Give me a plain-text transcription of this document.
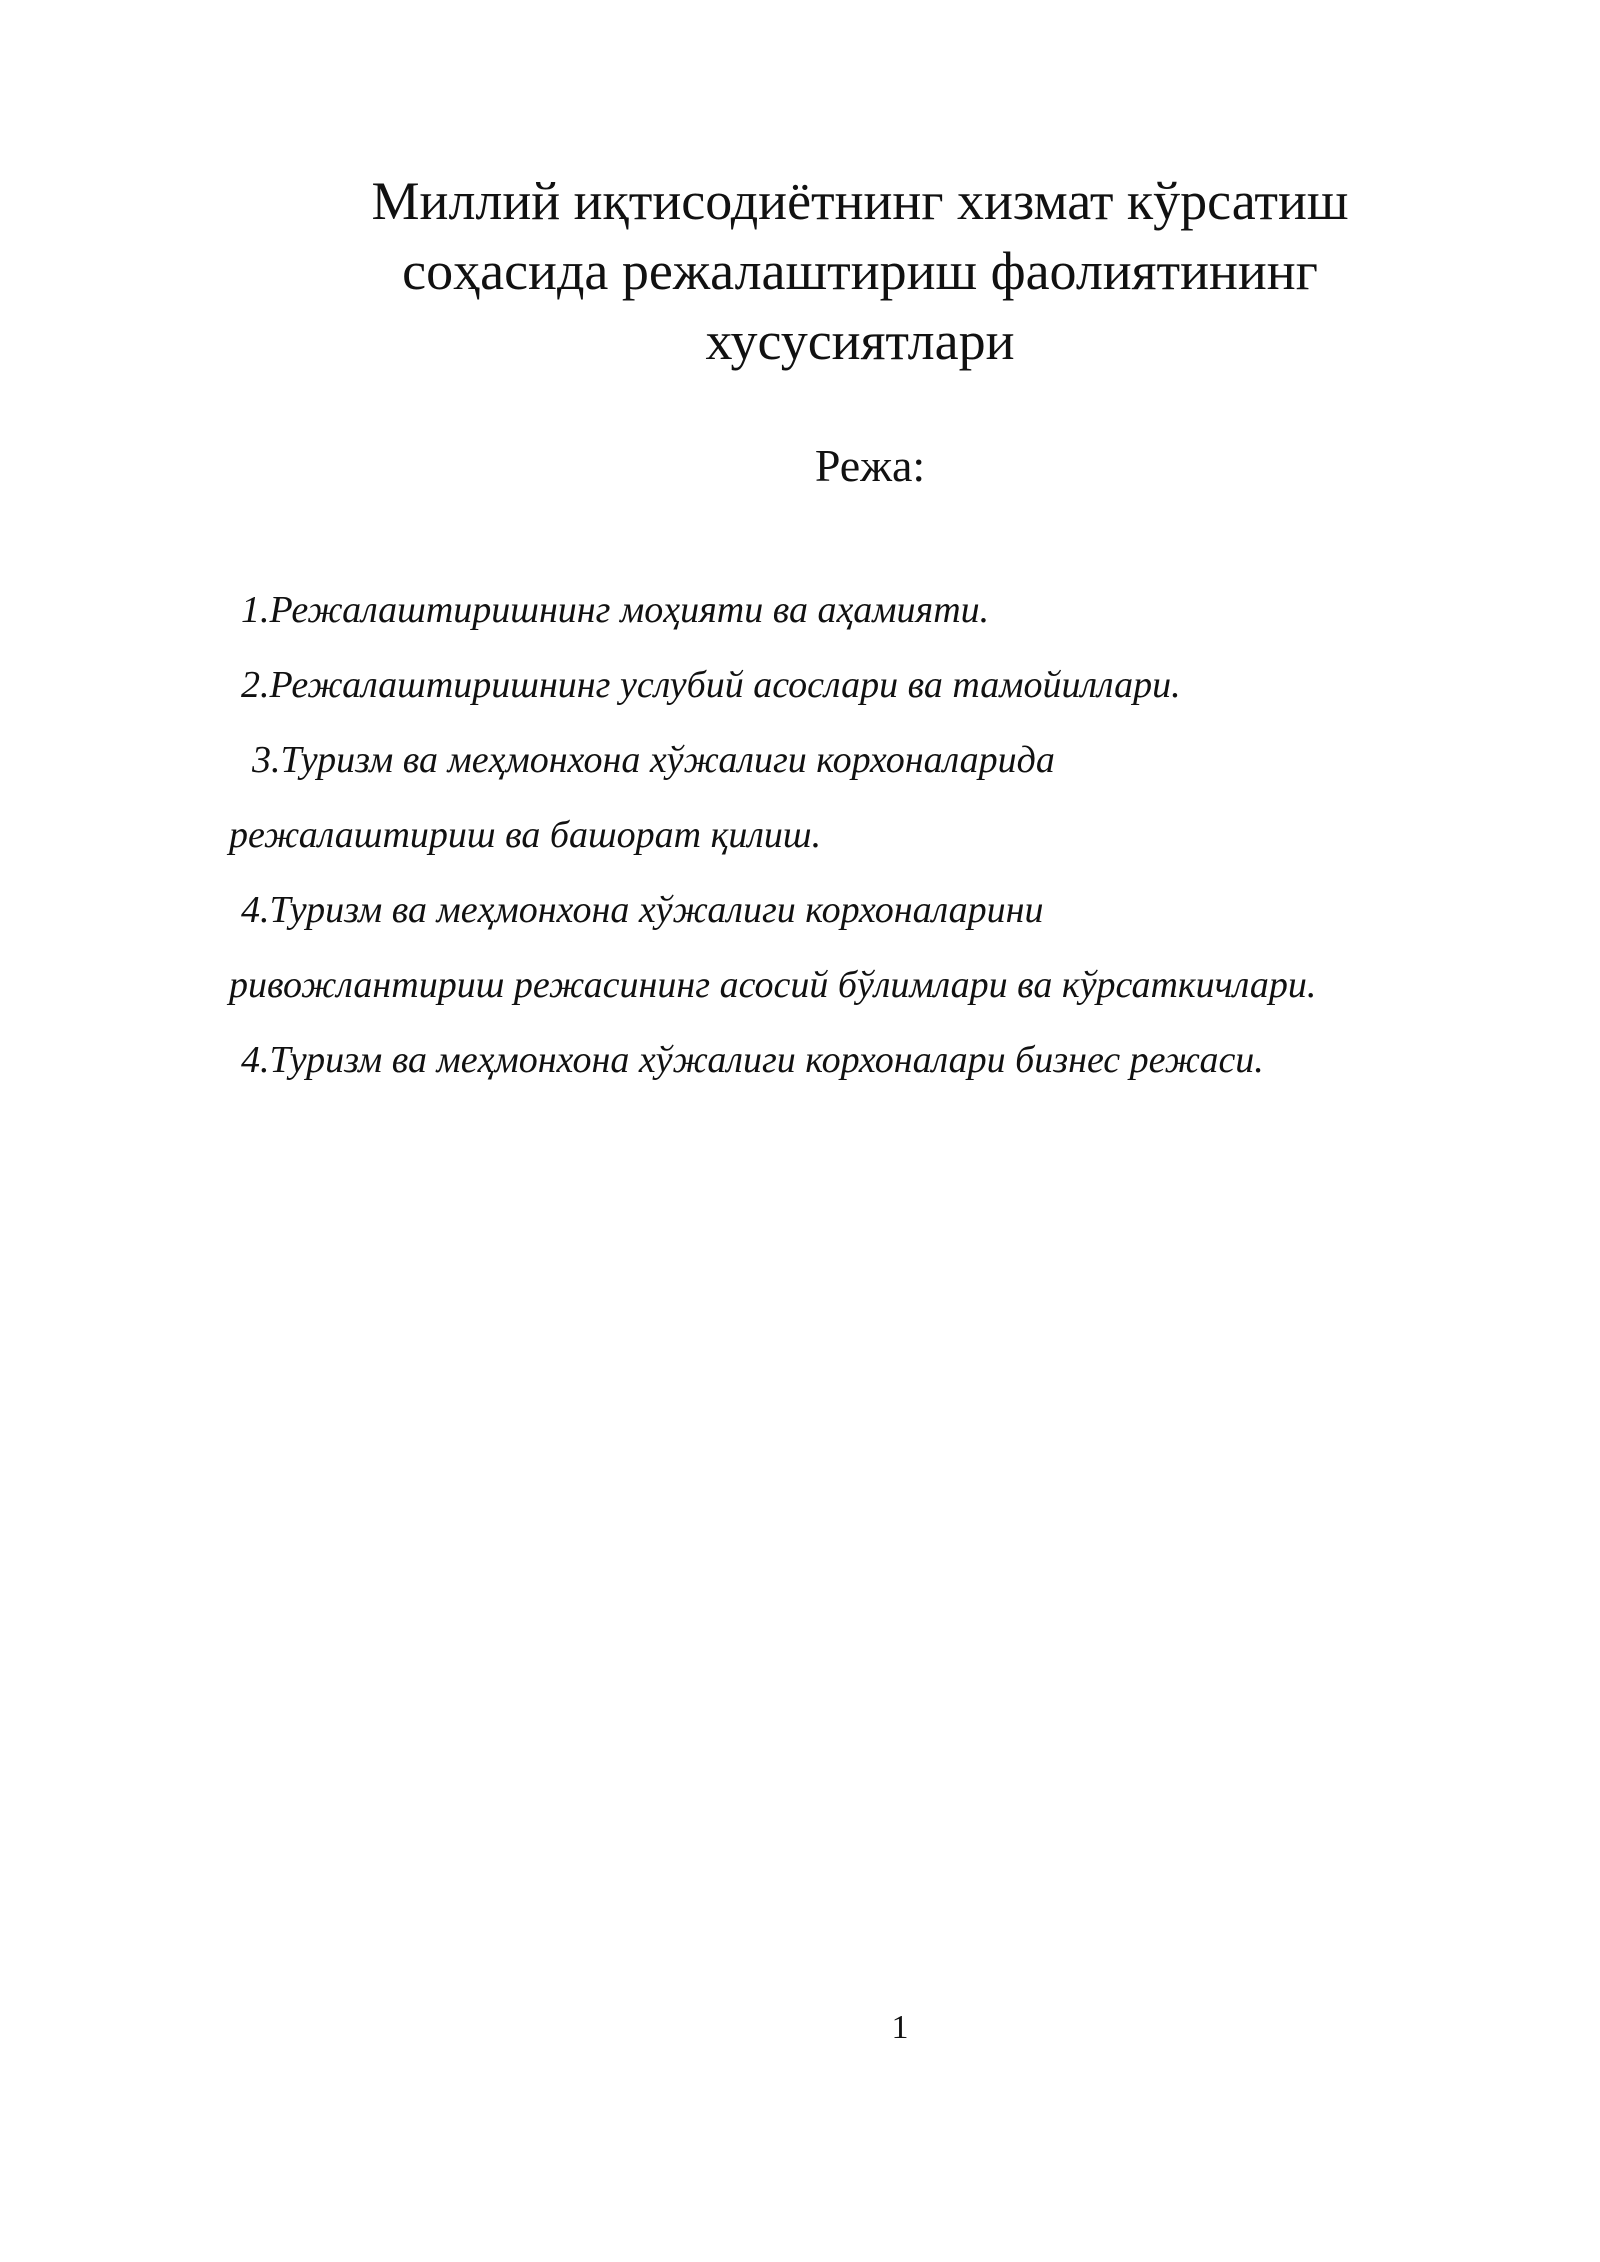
Миллий иқтисодиётнинг хизмат кўрсатиш
соҳасида режалаштириш фаолиятининг
хусусиятлари
Режа:
1.Режалаштиришнинг моҳияти ва аҳамияти.
2.Режалаштиришнинг услубий асослари ва тамойиллари.
3.Туризм ва меҳмонхона хўжалиги корхоналарида
режалаштириш ва башорат қилиш.
4.Туризм ва меҳмонхона хўжалиги корхоналарини
ривожлантириш режасининг асосий бўлимлари ва кўрсаткичлари.
4.Туризм ва меҳмонхона хўжалиги корхоналари бизнес режаси.
1
